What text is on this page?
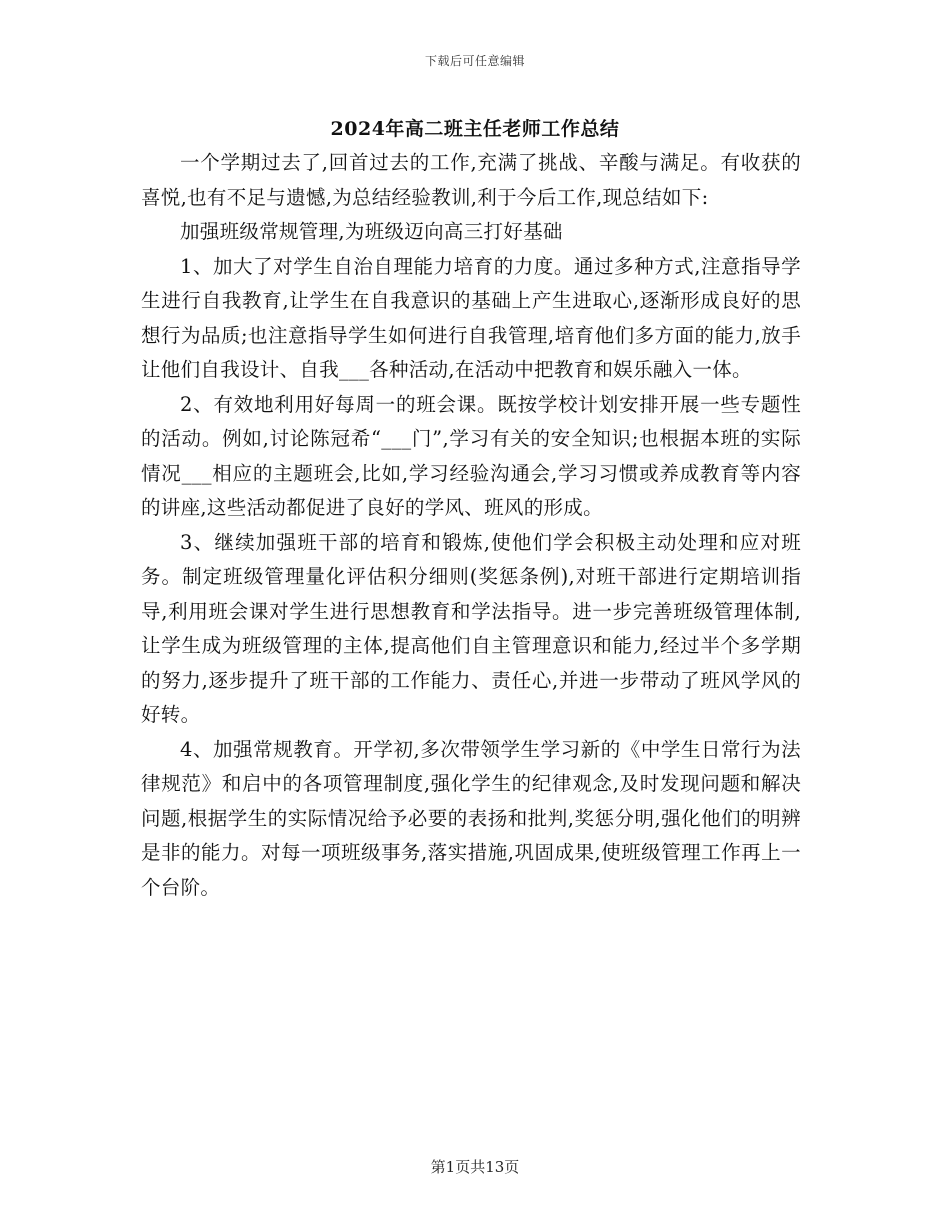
下载后可任意编辑
2024年高二班主任老师工作总结

一个学期过去了,回首过去的工作,充满了挑战、辛酸与满足。有收获的喜悦,也有不足与遗憾,为总结经验教训,利于今后工作,现总结如下:

加强班级常规管理,为班级迈向高三打好基础

1、加大了对学生自治自理能力培育的力度。通过多种方式,注意指导学生进行自我教育,让学生在自我意识的基础上产生进取心,逐渐形成良好的思想行为品质;也注意指导学生如何进行自我管理,培育他们多方面的能力,放手让他们自我设计、自我___各种活动,在活动中把教育和娱乐融入一体。

2、有效地利用好每周一的班会课。既按学校计划安排开展一些专题性的活动。例如,讨论陈冠希“___门”,学习有关的安全知识;也根据本班的实际情况___相应的主题班会,比如,学习经验沟通会,学习习惯或养成教育等内容的讲座,这些活动都促进了良好的学风、班风的形成。

3、继续加强班干部的培育和锻炼,使他们学会积极主动处理和应对班务。制定班级管理量化评估积分细则(奖惩条例),对班干部进行定期培训指导,利用班会课对学生进行思想教育和学法指导。进一步完善班级管理体制,让学生成为班级管理的主体,提高他们自主管理意识和能力,经过半个多学期的努力,逐步提升了班干部的工作能力、责任心,并进一步带动了班风学风的好转。

4、加强常规教育。开学初,多次带领学生学习新的《中学生日常行为法律规范》和启中的各项管理制度,强化学生的纪律观念,及时发现问题和解决问题,根据学生的实际情况给予必要的表扬和批判,奖惩分明,强化他们的明辨是非的能力。对每一项班级事务,落实措施,巩固成果,使班级管理工作再上一个台阶。

第1页共13页
